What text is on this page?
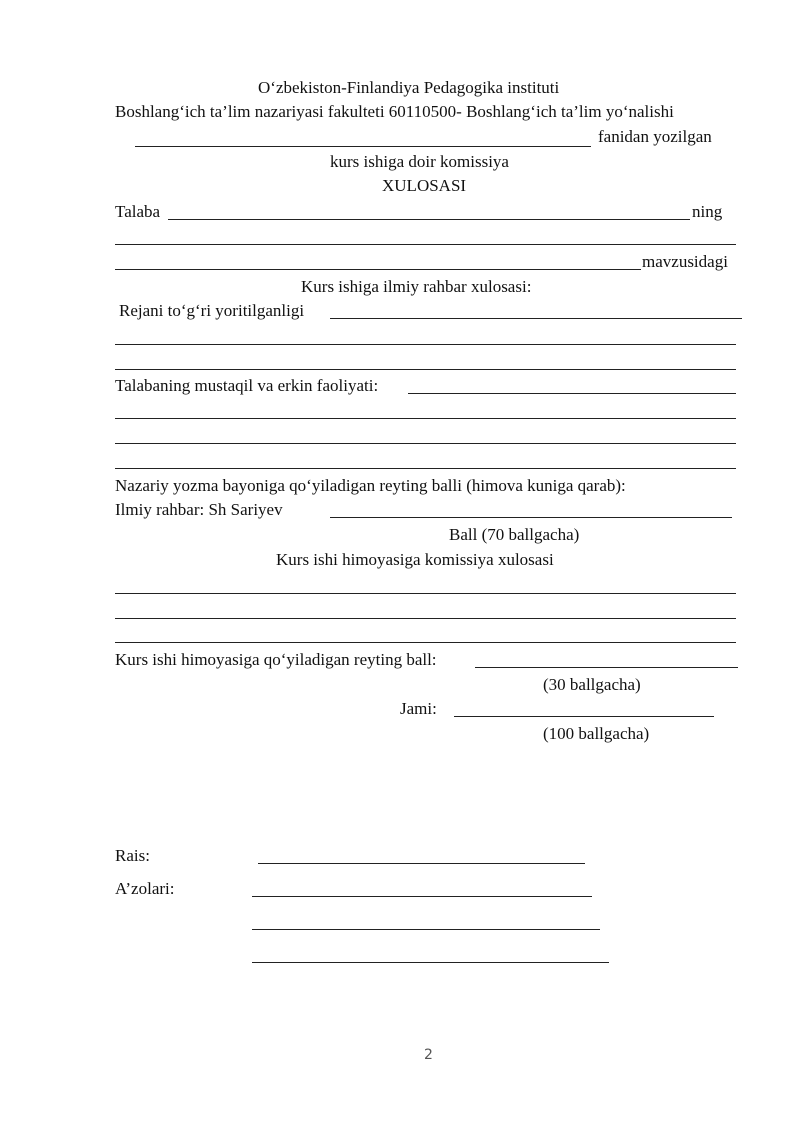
O‘zbekiston-Finlandiya Pedagogika instituti
Boshlang‘ich ta’lim nazariyasi fakulteti 60110500- Boshlang‘ich ta’lim yo‘nalishi
fanidan yozilgan
kurs ishiga doir komissiya
XULOSASI
Talaba	ning
mavzusidagi
Kurs ishiga ilmiy rahbar xulosasi:
Rejani to‘g‘ri yoritilganligi
Talabaning mustaqil va erkin faoliyati:
Nazariy yozma bayoniga qo‘yiladigan reyting balli (himova kuniga qarab):
Ilmiy rahbar: Sh Sariyev
Ball (70 ballgacha)
Kurs ishi himoyasiga komissiya xulosasi
Kurs ishi himoyasiga qo‘yiladigan reyting ball:
(30 ballgacha)
Jami:
(100 ballgacha)
Rais:
A’zolari:
2
